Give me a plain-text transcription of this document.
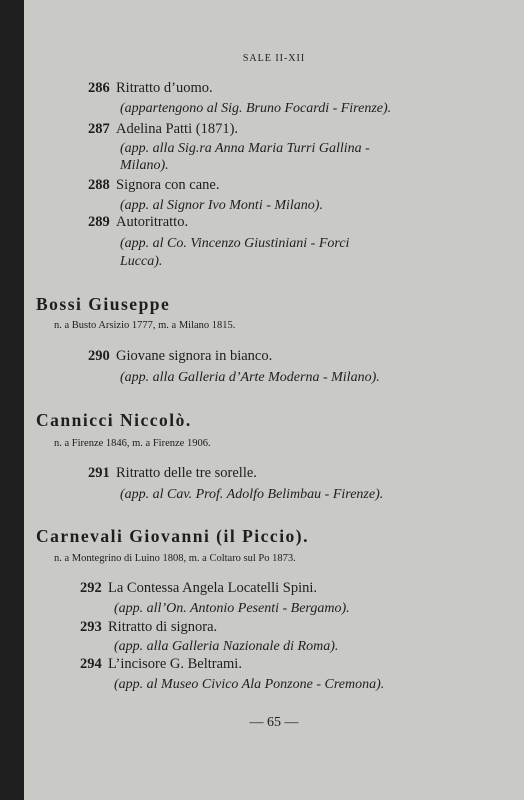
SALE II-XII
286 Ritratto d’uomo.
(appartengono al Sig. Bruno Focardi - Firenze).
287 Adelina Patti (1871).
(app. alla Sig.ra Anna Maria Turri Gallina -
Milano).
288 Signora con cane.
(app. al Signor Ivo Monti - Milano).
289 Autoritratto.
(app. al Co. Vincenzo Giustiniani - Forci
Lucca).
Bossi Giuseppe
n. a Busto Arsizio 1777, m. a Milano 1815.
290 Giovane signora in bianco.
(app. alla Galleria d’Arte Moderna - Milano).
Cannicci Niccolò.
n. a Firenze 1846, m. a Firenze 1906.
291 Ritratto delle tre sorelle.
(app. al Cav. Prof. Adolfo Belimbau - Firenze).
Carnevali Giovanni (il Piccio).
n. a Montegrino di Luino 1808, m. a Coltaro sul Po 1873.
292 La Contessa Angela Locatelli Spini.
(app. all’On. Antonio Pesenti - Bergamo).
293 Ritratto di signora.
(app. alla Galleria Nazionale di Roma).
294 L’incisore G. Beltrami.
(app. al Museo Civico Ala Ponzone - Cremona).
— 65 —
